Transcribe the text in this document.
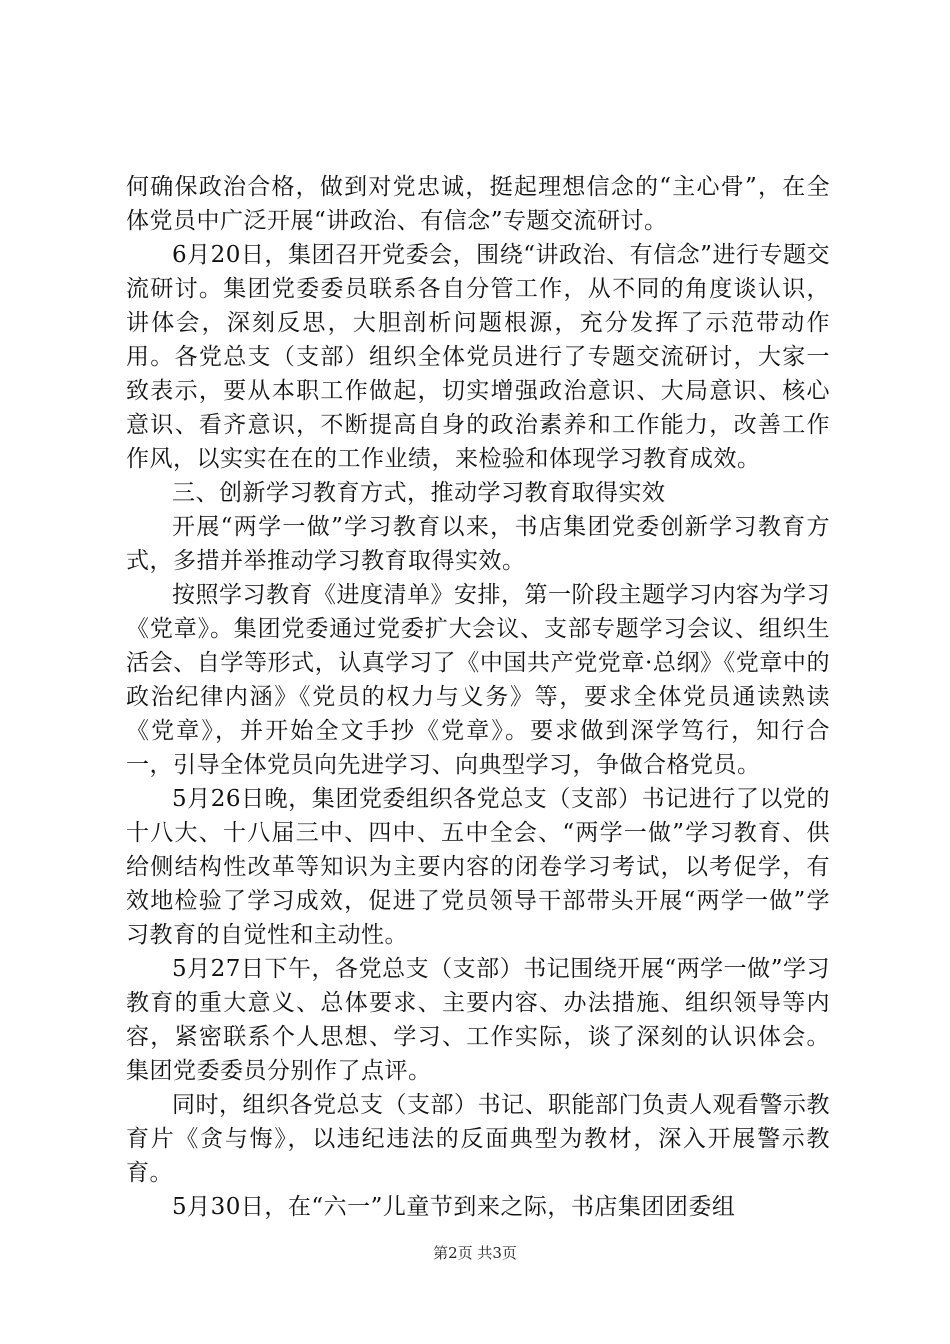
何确保政治合格，做到对党忠诚，挺起理想信念的“主心骨”，在全体党员中广泛开展“讲政治、有信念”专题交流研讨。

6月20日，集团召开党委会，围绕“讲政治、有信念”进行专题交流研讨。集团党委委员联系各自分管工作，从不同的角度谈认识，讲体会，深刻反思，大胆剖析问题根源，充分发挥了示范带动作用。各党总支（支部）组织全体党员进行了专题交流研讨，大家一致表示，要从本职工作做起，切实增强政治意识、大局意识、核心意识、看齐意识，不断提高自身的政治素养和工作能力，改善工作作风，以实实在在的工作业绩，来检验和体现学习教育成效。

三、创新学习教育方式，推动学习教育取得实效

开展“两学一做”学习教育以来，书店集团党委创新学习教育方式，多措并举推动学习教育取得实效。

按照学习教育《进度清单》安排，第一阶段主题学习内容为学习《党章》。集团党委通过党委扩大会议、支部专题学习会议、组织生活会、自学等形式，认真学习了《中国共产党党章·总纲》《党章中的政治纪律内涵》《党员的权力与义务》等，要求全体党员通读熟读《党章》，并开始全文手抄《党章》。要求做到深学笃行，知行合一，引导全体党员向先进学习、向典型学习，争做合格党员。

5月26日晚，集团党委组织各党总支（支部）书记进行了以党的十八大、十八届三中、四中、五中全会、“两学一做”学习教育、供给侧结构性改革等知识为主要内容的闭卷学习考试，以考促学，有效地检验了学习成效，促进了党员领导干部带头开展“两学一做”学习教育的自觉性和主动性。

5月27日下午，各党总支（支部）书记围绕开展“两学一做”学习教育的重大意义、总体要求、主要内容、办法措施、组织领导等内容，紧密联系个人思想、学习、工作实际，谈了深刻的认识体会。集团党委委员分别作了点评。

同时，组织各党总支（支部）书记、职能部门负责人观看警示教育片《贪与悔》，以违纪违法的反面典型为教材，深入开展警示教育。

5月30日，在“六一”儿童节到来之际，书店集团团委组

第2页 共3页
